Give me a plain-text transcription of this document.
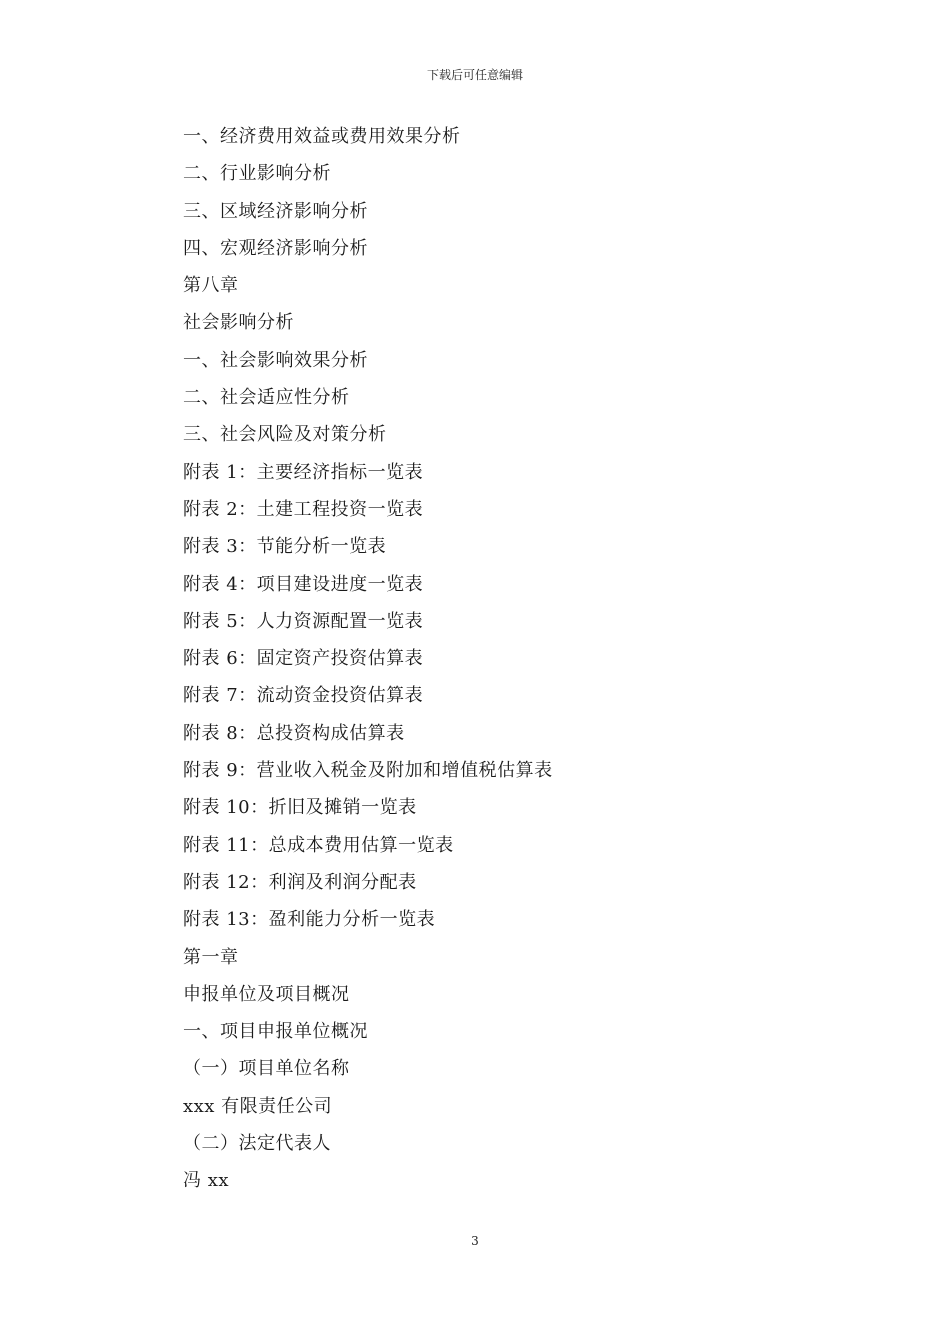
下载后可任意编辑
一、经济费用效益或费用效果分析
二、行业影响分析
三、区域经济影响分析
四、宏观经济影响分析
第八章
社会影响分析
一、社会影响效果分析
二、社会适应性分析
三、社会风险及对策分析
附表 1：主要经济指标一览表
附表 2：土建工程投资一览表
附表 3：节能分析一览表
附表 4：项目建设进度一览表
附表 5：人力资源配置一览表
附表 6：固定资产投资估算表
附表 7：流动资金投资估算表
附表 8：总投资构成估算表
附表 9：营业收入税金及附加和增值税估算表
附表 10：折旧及摊销一览表
附表 11：总成本费用估算一览表
附表 12：利润及利润分配表
附表 13：盈利能力分析一览表
第一章
申报单位及项目概况
一、项目申报单位概况
（一）项目单位名称
xxx 有限责任公司
（二）法定代表人
冯 xx
3
